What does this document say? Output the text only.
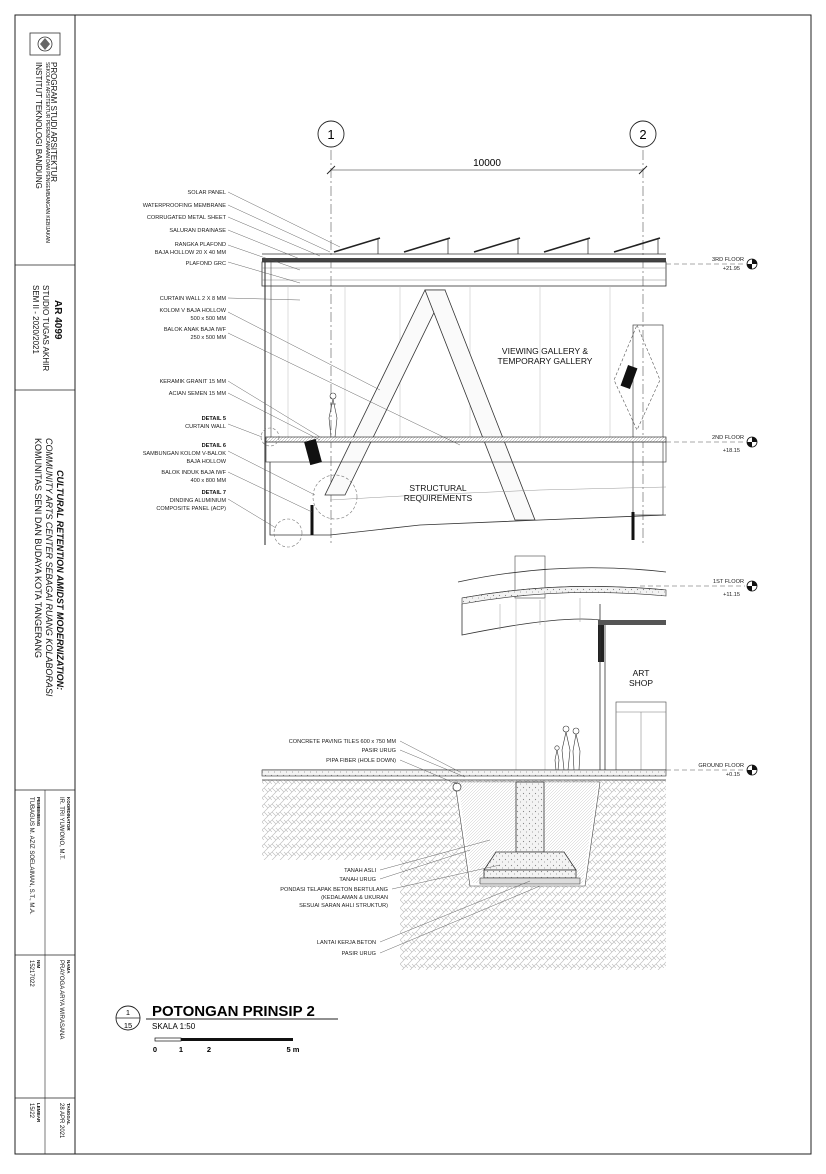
1	2
10000
VIEWING GALLERY &
TEMPORARY GALLERY
STRUCTURAL
REQUIREMENTS
ART
SHOP
3RD FLOOR
+21.95
2ND FLOOR
+18.15
1ST FLOOR
+11.15
GROUND FLOOR
+0.15
SOLAR PANEL
WATERPROOFING MEMBRANE
CORRUGATED METAL SHEET
SALURAN DRAINASE
RANGKA PLAFOND
BAJA HOLLOW 20 X 40 MM
PLAFOND GRC
CURTAIN WALL 2 X 8 MM
KOLOM V BAJA HOLLOW
500 x 500 MM
BALOK ANAK BAJA IWF
250 x 500 MM
KERAMIK GRANIT 15 MM
ACIAN SEMEN 15 MM
DETAIL 5
CURTAIN WALL
DETAIL 6
SAMBUNGAN KOLOM V-BALOK
BAJA HOLLOW
BALOK INDUK BAJA IWF
400 x 800 MM
DETAIL 7
DINDING ALUMINIUM
COMPOSITE PANEL (ACP)
CONCRETE PAVING TILES 600 x 750 MM
PASIR URUG
PIPA FIBER (HOLE DOWN)
TANAH ASLI
TANAH URUG
PONDASI TELAPAK BETON BERTULANG
(KEDALAMAN & UKURAN
SESUAI SARAN AHLI STRUKTUR)
LANTAI KERJA BETON
PASIR URUG
1
15
POTONGAN PRINSIP 2
SKALA 1:50
0	1	2	5 m
PROGRAM STUDI ARSITEKTUR
SEKOLAH ARSITEKTUR PERENCANAAN DAN PENGEMBANGAN KEBIJAKAN
INSTITUT TEKNOLOGI BANDUNG
AR 4099
STUDIO TUGAS AKHIR
SEM II - 2020/2021
CULTURAL RETENTION AMIDST MODERNIZATION:
COMMUNITY ARTS CENTER SEBAGAI RUANG KOLABORASI
KOMUNITAS SENI DAN BUDAYA KOTA TANGERANG
KOORDINATOR
IR. TRI YUWONO, M.T.
NAMA
PRAYOGA ARYA WIRASANA
TANGGAL
28 APR 2021
PEMBIMBING
TUBAGUS M. AZIZ SOELAIMAN, S.T., M.A.
NIM
15217022
LEMBAR
15/22
